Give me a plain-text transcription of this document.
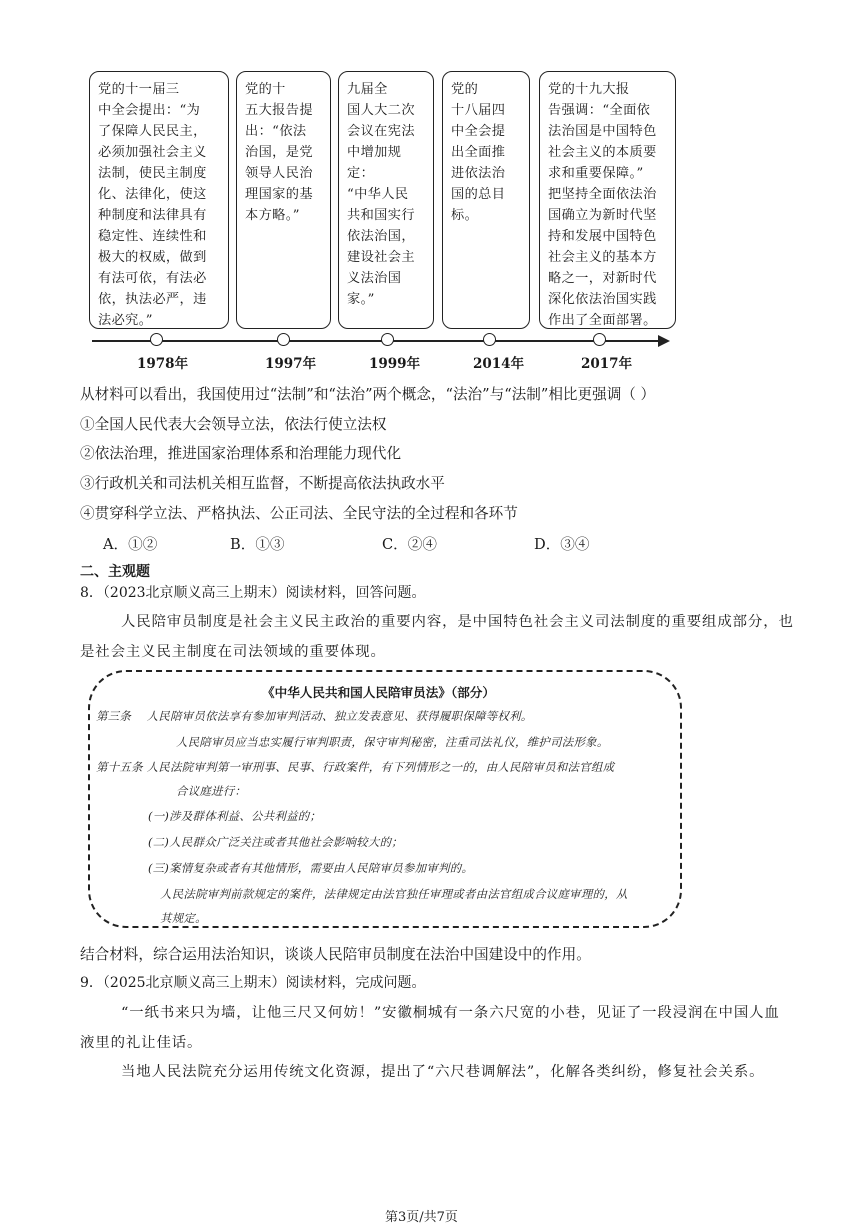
党的十一届三
中全会提出：“为
了保障人民民主，
必须加强社会主义
法制，使民主制度
化、法律化，使这
种制度和法律具有
稳定性、连续性和
极大的权威，做到
有法可依，有法必
依，执法必严，违
法必究。”
党的十
五大报告提
出：“依法
治国，是党
领导人民治
理国家的基
本方略。”
九届全
国人大二次
会议在宪法
中增加规定：
“中华人民
共和国实行
依法治国，
建设社会主
义法治国
家。”
党的
十八届四
中全会提
出全面推
进依法治
国的总目
标。
党的十九大报
告强调：“全面依
法治国是中国特色
社会主义的本质要
求和重要保障。”
把坚持全面依法治
国确立为新时代坚
持和发展中国特色
社会主义的基本方
略之一，对新时代
深化依法治国实践
作出了全面部署。
1978年	1997年	1999年	2014年	2017年
从材料可以看出，我国使用过“法制”和“法治”两个概念，“法治”与“法制”相比更强调（ ）
①全国人民代表大会领导立法，依法行使立法权
②依法治理，推进国家治理体系和治理能力现代化
③行政机关和司法机关相互监督，不断提高依法执政水平
④贯穿科学立法、严格执法、公正司法、全民守法的全过程和各环节
A．①②	B．①③	C．②④	D．③④
二、主观题
8．（2023北京顺义高三上期末）阅读材料，回答问题。
人民陪审员制度是社会主义民主政治的重要内容，是中国特色社会主义司法制度的重要组成部分，也
是社会主义民主制度在司法领域的重要体现。
《中华人民共和国人民陪审员法》（部分）
第三条　 人民陪审员依法享有参加审判活动、独立发表意见、获得履职保障等权利。
人民陪审员应当忠实履行审判职责，保守审判秘密，注重司法礼仪，维护司法形象。
第十五条 人民法院审判第一审刑事、民事、行政案件，有下列情形之一的，由人民陪审员和法官组成
合议庭进行：
(一)涉及群体利益、公共利益的；
(二)人民群众广泛关注或者其他社会影响较大的；
(三)案情复杂或者有其他情形，需要由人民陪审员参加审判的。
人民法院审判前款规定的案件，法律规定由法官独任审理或者由法官组成合议庭审理的，从
其规定。
结合材料，综合运用法治知识，谈谈人民陪审员制度在法治中国建设中的作用。
9．（2025北京顺义高三上期末）阅读材料，完成问题。
“一纸书来只为墙，让他三尺又何妨！”安徽桐城有一条六尺宽的小巷，见证了一段浸润在中国人血
液里的礼让佳话。
当地人民法院充分运用传统文化资源，提出了“六尺巷调解法”，化解各类纠纷，修复社会关系。
第3页/共7页
